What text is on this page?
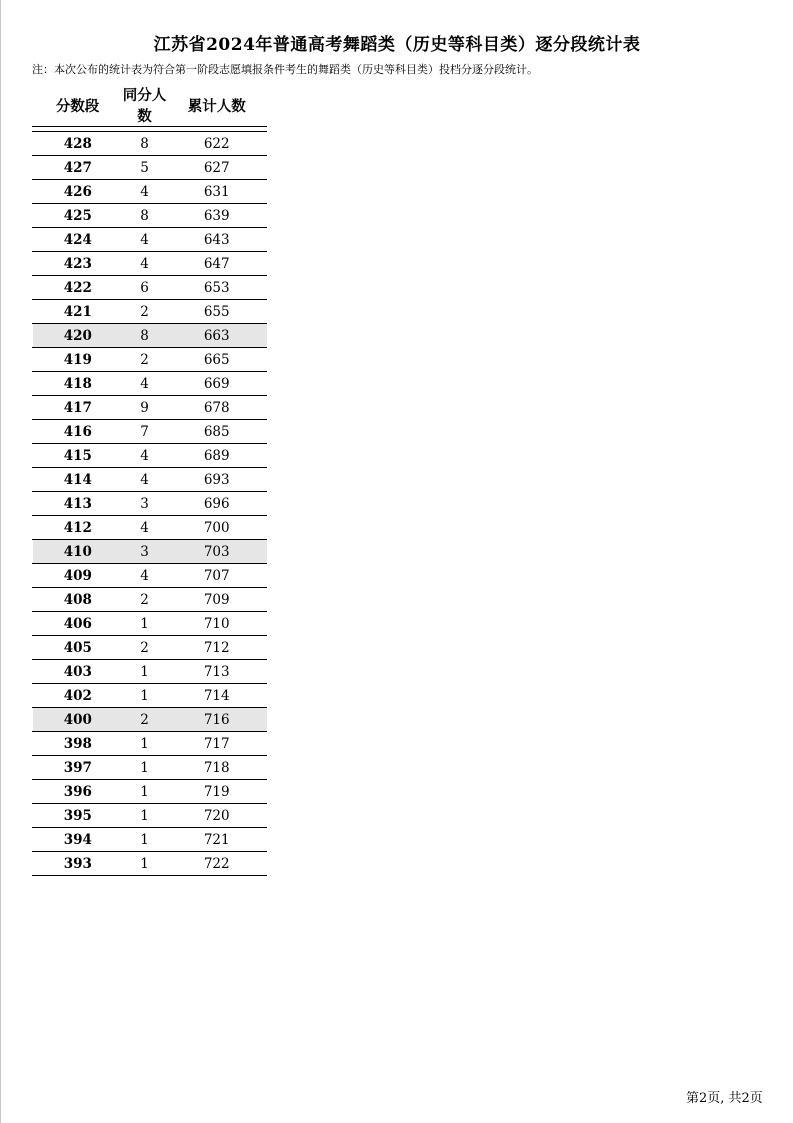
江苏省2024年普通高考舞蹈类（历史等科目类）逐分段统计表
注：本次公布的统计表为符合第一阶段志愿填报条件考生的舞蹈类（历史等科目类）投档分逐分段统计。
分数段	同分人数	累计人数

428	8	622
427	5	627
426	4	631
425	8	639
424	4	643
423	4	647
422	6	653
421	2	655
420	8	663
419	2	665
418	4	669
417	9	678
416	7	685
415	4	689
414	4	693
413	3	696
412	4	700
410	3	703
409	4	707
408	2	709
406	1	710
405	2	712
403	1	713
402	1	714
400	2	716
398	1	717
397	1	718
396	1	719
395	1	720
394	1	721
393	1	722
第2页, 共2页
